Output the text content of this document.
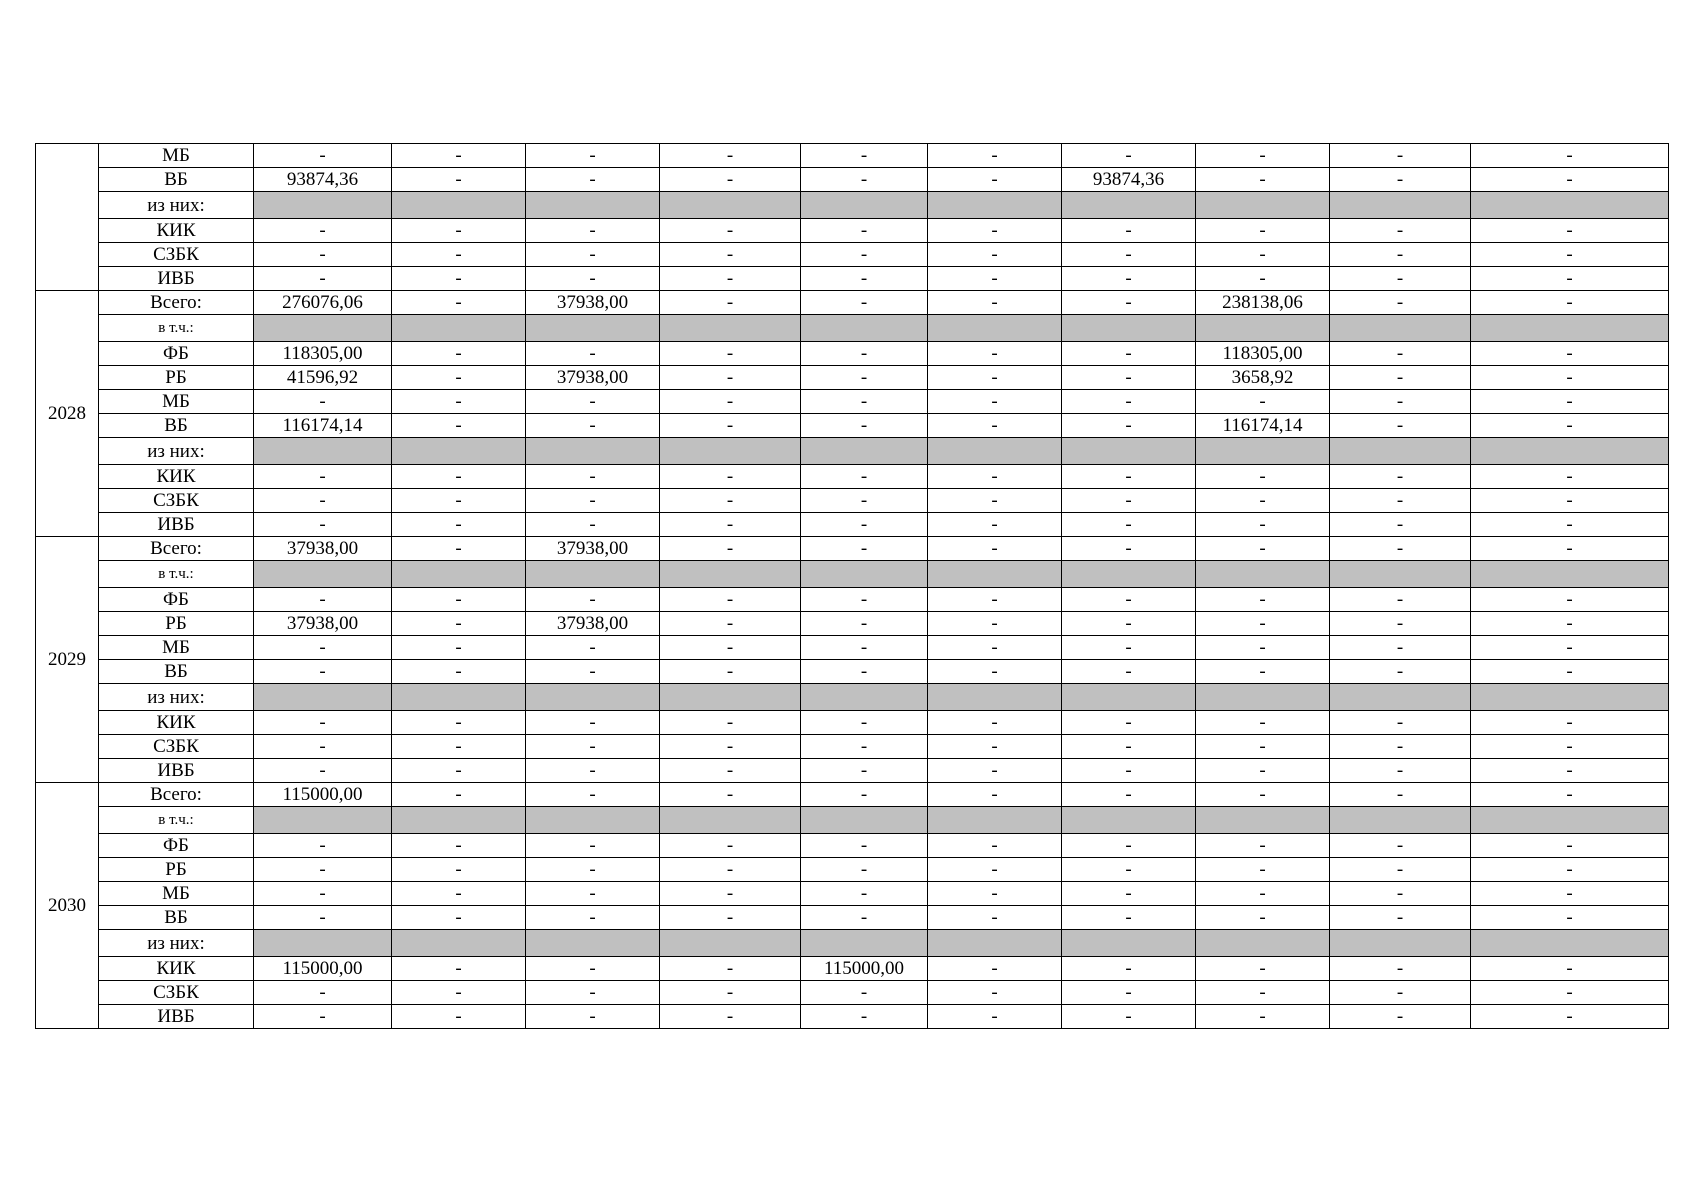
	МБ	-	-	-	-	-	-	-	-	-	-
	ВБ	93874,36	-	-	-	-	-	93874,36	-	-	-
	из них:										
	КИК	-	-	-	-	-	-	-	-	-	-
	СЗБК	-	-	-	-	-	-	-	-	-	-
	ИВБ	-	-	-	-	-	-	-	-	-	-
2028	Всего:	276076,06	-	37938,00	-	-	-	-	238138,06	-	-
	в т.ч.:										
	ФБ	118305,00	-	-	-	-	-	-	118305,00	-	-
	РБ	41596,92	-	37938,00	-	-	-	-	3658,92	-	-
	МБ	-	-	-	-	-	-	-	-	-	-
	ВБ	116174,14	-	-	-	-	-	-	116174,14	-	-
	из них:										
	КИК	-	-	-	-	-	-	-	-	-	-
	СЗБК	-	-	-	-	-	-	-	-	-	-
	ИВБ	-	-	-	-	-	-	-	-	-	-
2029	Всего:	37938,00	-	37938,00	-	-	-	-	-	-	-
	в т.ч.:										
	ФБ	-	-	-	-	-	-	-	-	-	-
	РБ	37938,00	-	37938,00	-	-	-	-	-	-	-
	МБ	-	-	-	-	-	-	-	-	-	-
	ВБ	-	-	-	-	-	-	-	-	-	-
	из них:										
	КИК	-	-	-	-	-	-	-	-	-	-
	СЗБК	-	-	-	-	-	-	-	-	-	-
	ИВБ	-	-	-	-	-	-	-	-	-	-
2030	Всего:	115000,00	-	-	-	-	-	-	-	-	-
	в т.ч.:										
	ФБ	-	-	-	-	-	-	-	-	-	-
	РБ	-	-	-	-	-	-	-	-	-	-
	МБ	-	-	-	-	-	-	-	-	-	-
	ВБ	-	-	-	-	-	-	-	-	-	-
	из них:										
	КИК	115000,00	-	-	-	115000,00	-	-	-	-	-
	СЗБК	-	-	-	-	-	-	-	-	-	-
	ИВБ	-	-	-	-	-	-	-	-	-	-
